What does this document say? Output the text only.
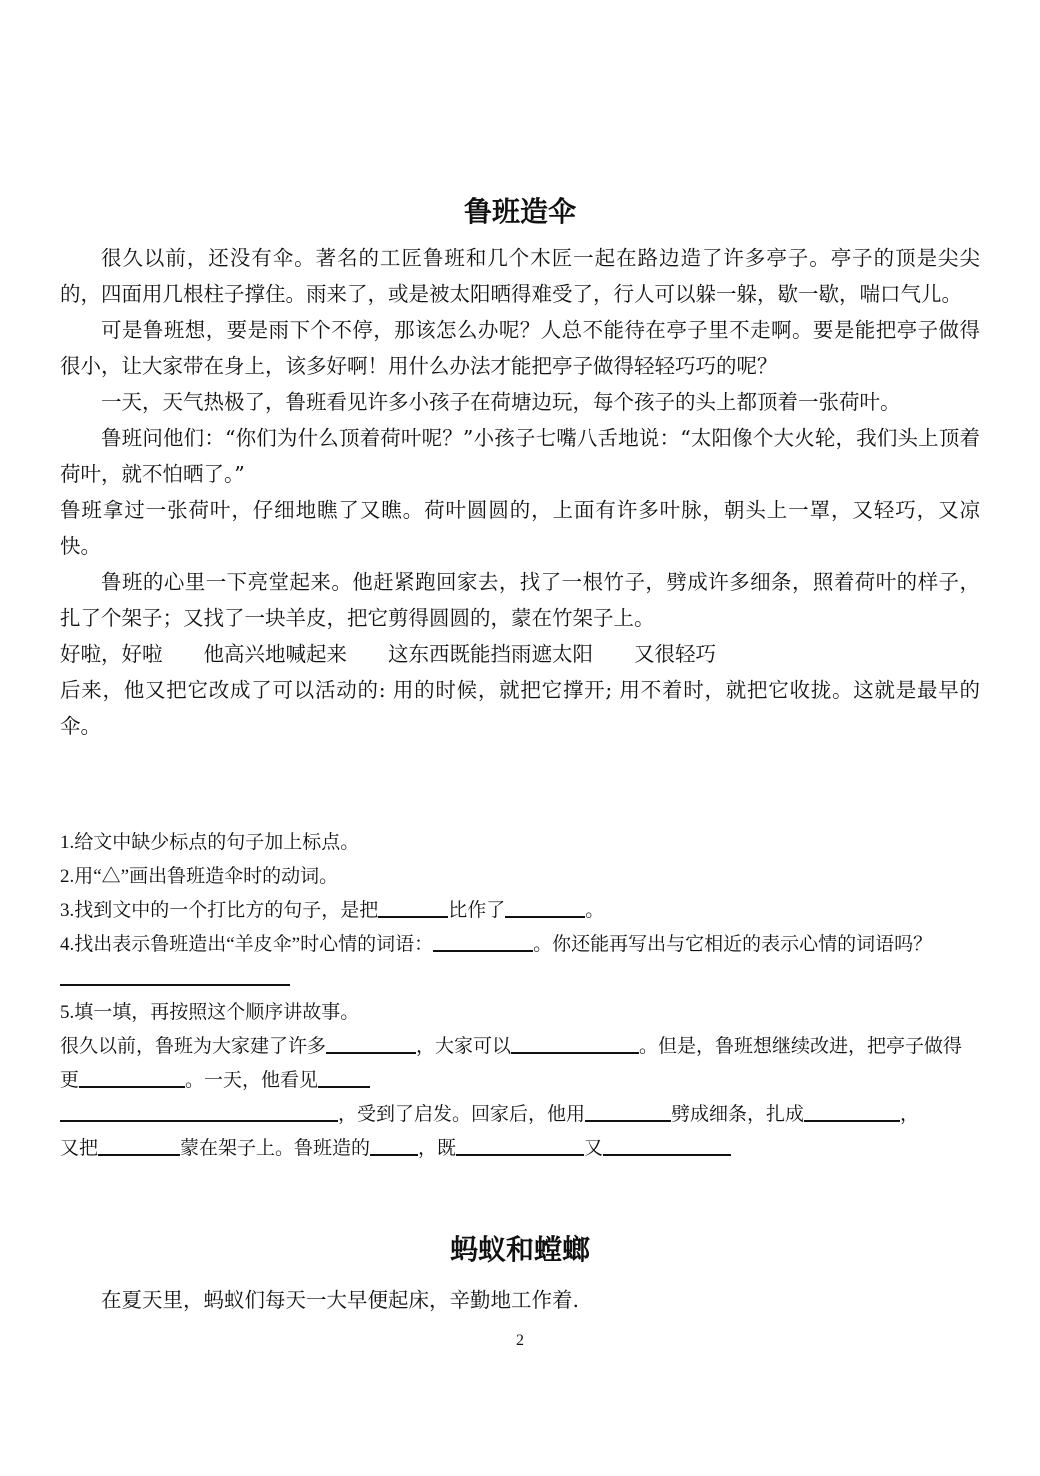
鲁班造伞

很久以前，还没有伞。著名的工匠鲁班和几个木匠一起在路边造了许多亭子。亭子的顶是尖尖的，四面用几根柱子撑住。雨来了，或是被太阳晒得难受了，行人可以躲一躲，歇一歇，喘口气儿。

可是鲁班想，要是雨下个不停，那该怎么办呢？人总不能待在亭子里不走啊。要是能把亭子做得很小，让大家带在身上，该多好啊！用什么办法才能把亭子做得轻轻巧巧的呢？

一天，天气热极了，鲁班看见许多小孩子在荷塘边玩，每个孩子的头上都顶着一张荷叶。

鲁班问他们：“你们为什么顶着荷叶呢？”小孩子七嘴八舌地说：“太阳像个大火轮，我们头上顶着荷叶，就不怕晒了。”

鲁班拿过一张荷叶，仔细地瞧了又瞧。荷叶圆圆的，上面有许多叶脉，朝头上一罩，又轻巧，又凉快。

鲁班的心里一下亮堂起来。他赶紧跑回家去，找了一根竹子，劈成许多细条，照着荷叶的样子，扎了个架子；又找了一块羊皮，把它剪得圆圆的，蒙在竹架子上。

好啦，好啦　　他高兴地喊起来　　这东西既能挡雨遮太阳　　又很轻巧

后来，他又把它改成了可以活动的: 用的时候，就把它撑开; 用不着时，就把它收拢。这就是最早的伞。

1.给文中缺少标点的句子加上标点。

2.用“△”画出鲁班造伞时的动词。

3.找到文中的一个打比方的句子，是把	比作了	。

4.找出表示鲁班造出“羊皮伞”时心情的词语：	。你还能再写出与它相近的表示心情的词语吗？

5.填一填，再按照这个顺序讲故事。

很久以前，鲁班为大家建了许多	，大家可以	。但是，鲁班想继续改进，把亭子做得更	。一天，他看见
，受到了启发。回家后，他用	劈成细条，扎成	，
又把	蒙在架子上。鲁班造的	，既	又

蚂蚁和螳螂

在夏天里，蚂蚁们每天一大早便起床，辛勤地工作着.

2
